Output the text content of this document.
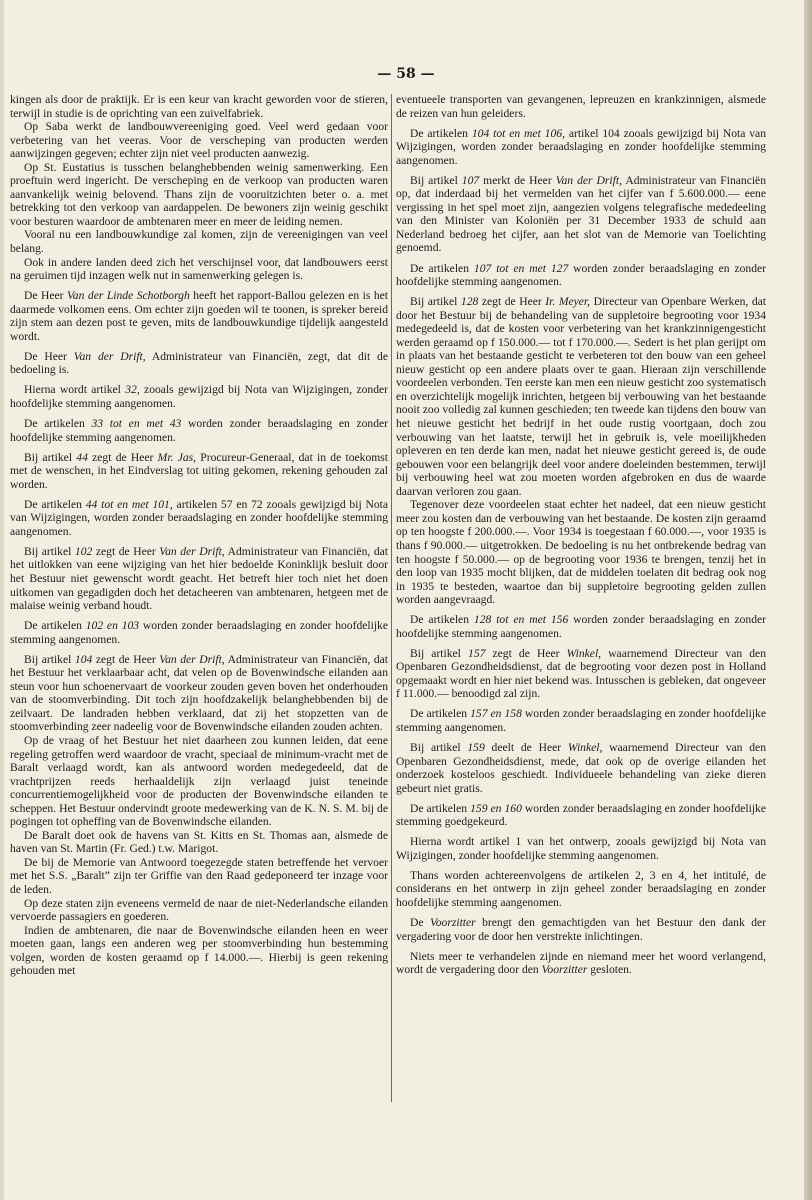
— 58 —

kingen als door de praktijk. Er is een keur van kracht geworden voor de stieren, terwijl in studie is de oprichting van een zuivelfabriek.

Op Saba werkt de landbouwvereeniging goed. Veel werd gedaan voor verbetering van het veeras. Voor de verscheping van producten werden aanwijzingen gegeven; echter zijn niet veel producten aanwezig.

Op St. Eustatius is tusschen belanghebbenden weinig samenwerking. Een proeftuin werd ingericht. De verscheping en de verkoop van producten waren aanvankelijk weinig belovend. Thans zijn de vooruitzichten beter o. a. met betrekking tot den verkoop van aardappelen. De bewoners zijn weinig geschikt voor besturen waardoor de ambtenaren meer en meer de leiding nemen.

Vooral nu een landbouwkundige zal komen, zijn de vereenigingen van veel belang.

Ook in andere landen deed zich het verschijnsel voor, dat landbouwers eerst na geruimen tijd inzagen welk nut in samenwerking gelegen is.

De Heer Van der Linde Schotborgh heeft het rapport-Ballou gelezen en is het daarmede volkomen eens. Om echter zijn goeden wil te toonen, is spreker bereid zijn stem aan dezen post te geven, mits de landbouwkundige tijdelijk aangesteld wordt.

De Heer Van der Drift, Administrateur van Financiën, zegt, dat dit de bedoeling is.

Hierna wordt artikel 32, zooals gewijzigd bij Nota van Wijzigingen, zonder hoofdelijke stemming aangenomen.

De artikelen 33 tot en met 43 worden zonder beraadslaging en zonder hoofdelijke stemming aangenomen.

Bij artikel 44 zegt de Heer Mr. Jas, Procureur-Generaal, dat in de toekomst met de wenschen, in het Eindverslag tot uiting gekomen, rekening gehouden zal worden.

De artikelen 44 tot en met 101, artikelen 57 en 72 zooals gewijzigd bij Nota van Wijzigingen, worden zonder beraadslaging en zonder hoofdelijke stemming aangenomen.

Bij artikel 102 zegt de Heer Van der Drift, Administrateur van Financiën, dat het uitlokken van eene wijziging van het hier bedoelde Koninklijk besluit door het Bestuur niet gewenscht wordt geacht. Het betreft hier toch niet het doen uitkomen van gegadigden doch het detacheeren van ambtenaren, hetgeen met de malaise weinig verband houdt.

De artikelen 102 en 103 worden zonder beraadslaging en zonder hoofdelijke stemming aangenomen.

Bij artikel 104 zegt de Heer Van der Drift, Administrateur van Financiën, dat het Bestuur het verklaarbaar acht, dat velen op de Bovenwindsche eilanden aan steun voor hun schoenervaart de voorkeur zouden geven boven het onderhouden van de stoomverbinding. Dit toch zijn hoofdzakelijk belanghebbenden bij de zeilvaart. De landraden hebben verklaard, dat zij het stopzetten van de stoomverbinding zeer nadeelig voor de Bovenwindsche eilanden zouden achten.

Op de vraag of het Bestuur het niet daarheen zou kunnen leiden, dat eene regeling getroffen werd waardoor de vracht, speciaal de minimum-vracht met de Baralt verlaagd wordt, kan als antwoord worden medegedeeld, dat de vrachtprijzen reeds herhaaldelijk zijn verlaagd juist teneinde concurrentiemogelijkheid voor de producten der Bovenwindsche eilanden te scheppen. Het Bestuur ondervindt groote medewerking van de K. N. S. M. bij de pogingen tot opheffing van de Bovenwindsche eilanden.

De Baralt doet ook de havens van St. Kitts en St. Thomas aan, alsmede de haven van St. Martin (Fr. Ged.) t.w. Marigot.

De bij de Memorie van Antwoord toegezegde staten betreffende het vervoer met het S.S. „Baralt” zijn ter Griffie van den Raad gedeponeerd ter inzage voor de leden.

Op deze staten zijn eveneens vermeld de naar de niet-Nederlandsche eilanden vervoerde passagiers en goederen.

Indien de ambtenaren, die naar de Bovenwindsche eilanden heen en weer moeten gaan, langs een anderen weg per stoomverbinding hun bestemming volgen, worden de kosten geraamd op f 14.000.—. Hierbij is geen rekening gehouden met

eventueele transporten van gevangenen, lepreuzen en krankzinnigen, alsmede de reizen van hun geleiders.

De artikelen 104 tot en met 106, artikel 104 zooals gewijzigd bij Nota van Wijzigingen, worden zonder beraadslaging en zonder hoofdelijke stemming aangenomen.

Bij artikel 107 merkt de Heer Van der Drift, Administrateur van Financiën op, dat inderdaad bij het vermelden van het cijfer van f 5.600.000.— eene vergissing in het spel moet zijn, aangezien volgens telegrafische mededeeling van den Minister van Koloniën per 31 December 1933 de schuld aan Nederland bedroeg het cijfer, aan het slot van de Memorie van Toelichting genoemd.

De artikelen 107 tot en met 127 worden zonder beraadslaging en zonder hoofdelijke stemming aangenomen.

Bij artikel 128 zegt de Heer Ir. Meyer, Directeur van Openbare Werken, dat door het Bestuur bij de behandeling van de suppletoire begrooting voor 1934 medegedeeld is, dat de kosten voor verbetering van het krankzinnigengesticht werden geraamd op f 150.000.— tot f 170.000.—. Sedert is het plan gerijpt om in plaats van het bestaande gesticht te verbeteren tot den bouw van een geheel nieuw gesticht op een andere plaats over te gaan. Hieraan zijn verschillende voordeelen verbonden. Ten eerste kan men een nieuw gesticht zoo systematisch en overzichtelijk mogelijk inrichten, hetgeen bij verbouwing van het bestaande nooit zoo volledig zal kunnen geschieden; ten tweede kan tijdens den bouw van het nieuwe gesticht het bedrijf in het oude rustig voortgaan, doch zou verbouwing van het laatste, terwijl het in gebruik is, vele moeilijkheden opleveren en ten derde kan men, nadat het nieuwe gesticht gereed is, de oude gebouwen voor een belangrijk deel voor andere doeleinden bestemmen, terwijl bij verbouwing heel wat zou moeten worden afgebroken en dus de waarde daarvan verloren zou gaan.

Tegenover deze voordeelen staat echter het nadeel, dat een nieuw gesticht meer zou kosten dan de verbouwing van het bestaande. De kosten zijn geraamd op ten hoogste f 200.000.—. Voor 1934 is toegestaan f 60.000.—, voor 1935 is thans f 90.000.— uitgetrokken. De bedoeling is nu het ontbrekende bedrag van ten hoogste f 50.000.— op de begrooting voor 1936 te brengen, tenzij het in den loop van 1935 mocht blijken, dat de middelen toelaten dit bedrag ook nog in 1935 te besteden, waartoe dan bij suppletoire begrooting gelden zullen worden aangevraagd.

De artikelen 128 tot en met 156 worden zonder beraadslaging en zonder hoofdelijke stemming aangenomen.

Bij artikel 157 zegt de Heer Winkel, waarnemend Directeur van den Openbaren Gezondheidsdienst, dat de begrooting voor dezen post in Holland opgemaakt wordt en hier niet bekend was. Intusschen is gebleken, dat ongeveer f 11.000.— benoodigd zal zijn.

De artikelen 157 en 158 worden zonder beraadslaging en zonder hoofdelijke stemming aangenomen.

Bij artikel 159 deelt de Heer Winkel, waarnemend Directeur van den Openbaren Gezondheidsdienst, mede, dat ook op de overige eilanden het onderzoek kosteloos geschiedt. Individueele behandeling van zieke dieren gebeurt niet gratis.

De artikelen 159 en 160 worden zonder beraadslaging en zonder hoofdelijke stemming goedgekeurd.

Hierna wordt artikel 1 van het ontwerp, zooals gewijzigd bij Nota van Wijzigingen, zonder hoofdelijke stemming aangenomen.

Thans worden achtereenvolgens de artikelen 2, 3 en 4, het intitulé, de considerans en het ontwerp in zijn geheel zonder beraadslaging en zonder hoofdelijke stemming aangenomen.

De Voorzitter brengt den gemachtigden van het Bestuur den dank der vergadering voor de door hen verstrekte inlichtingen.

Niets meer te verhandelen zijnde en niemand meer het woord verlangend, wordt de vergadering door den Voorzitter gesloten.
